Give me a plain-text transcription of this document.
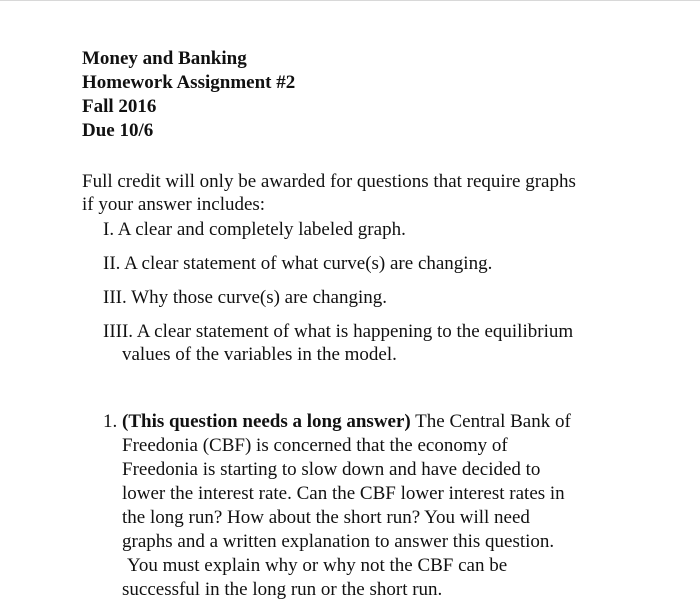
Money and Banking
Homework Assignment #2
Fall 2016
Due 10/6
Full credit will only be awarded for questions that require graphs
if your answer includes:
I. A clear and completely labeled graph.
II. A clear statement of what curve(s) are changing.
III. Why those curve(s) are changing.
IIII. A clear statement of what is happening to the equilibrium
values of the variables in the model.
1. (This question needs a long answer) The Central Bank of
Freedonia (CBF) is concerned that the economy of
Freedonia is starting to slow down and have decided to
lower the interest rate. Can the CBF lower interest rates in
the long run? How about the short run? You will need
graphs and a written explanation to answer this question.
You must explain why or why not the CBF can be
successful in the long run or the short run.
